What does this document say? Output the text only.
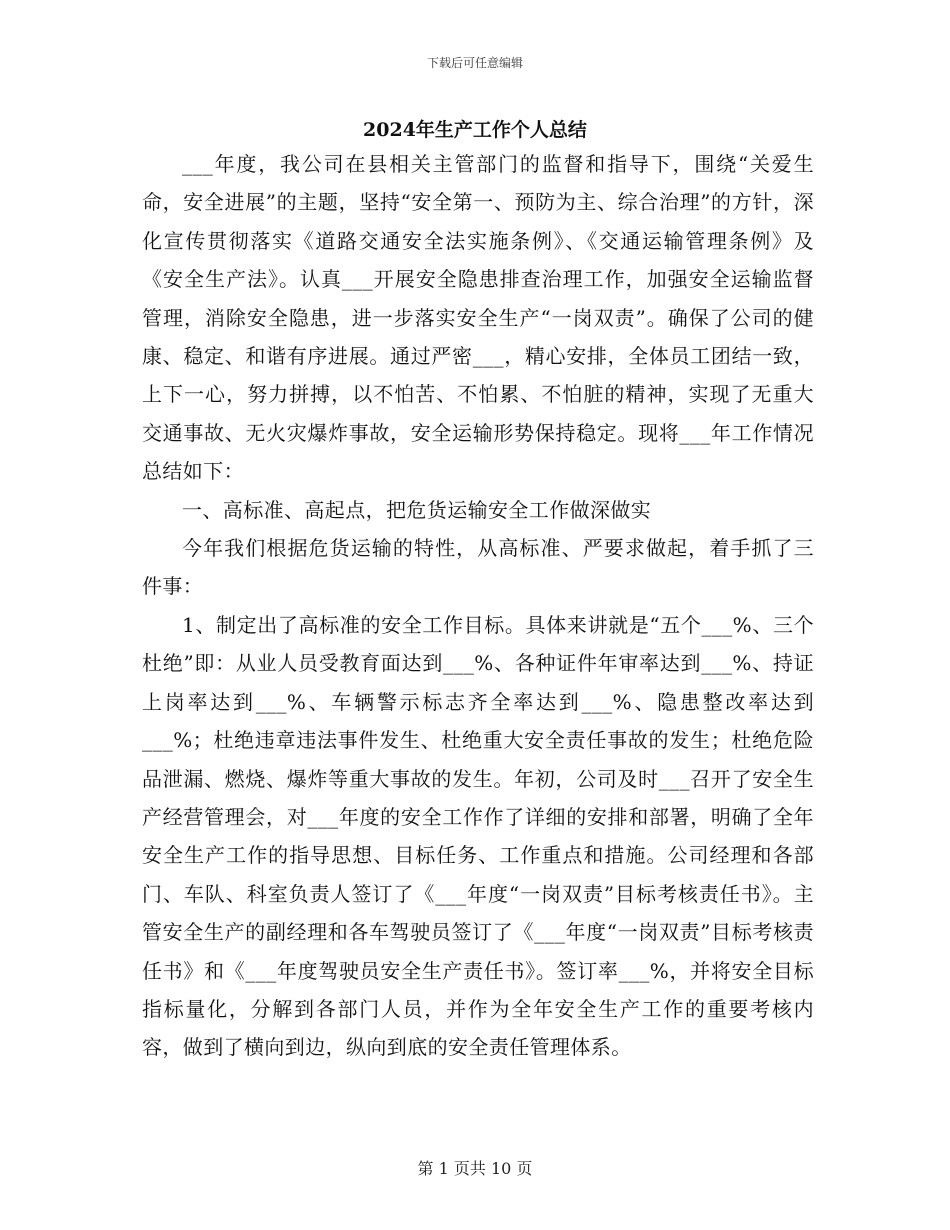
下载后可任意编辑
2024年生产工作个人总结

___年度，我公司在县相关主管部门的监督和指导下，围绕“关爱生命，安全进展”的主题，坚持“安全第一、预防为主、综合治理”的方针，深化宣传贯彻落实《道路交通安全法实施条例》、《交通运输管理条例》及《安全生产法》。认真___开展安全隐患排查治理工作，加强安全运输监督管理，消除安全隐患，进一步落实安全生产“一岗双责”。确保了公司的健康、稳定、和谐有序进展。通过严密___，精心安排，全体员工团结一致，上下一心，努力拼搏，以不怕苦、不怕累、不怕脏的精神，实现了无重大交通事故、无火灾爆炸事故，安全运输形势保持稳定。现将___年工作情况总结如下：

一、高标准、高起点，把危货运输安全工作做深做实

今年我们根据危货运输的特性，从高标准、严要求做起，着手抓了三件事：

1、制定出了高标准的安全工作目标。具体来讲就是“五个___%、三个杜绝”即：从业人员受教育面达到___%、各种证件年审率达到___%、持证上岗率达到___%、车辆警示标志齐全率达到___%、隐患整改率达到___%；杜绝违章违法事件发生、杜绝重大安全责任事故的发生；杜绝危险品泄漏、燃烧、爆炸等重大事故的发生。年初，公司及时___召开了安全生产经营管理会，对___年度的安全工作作了详细的安排和部署，明确了全年安全生产工作的指导思想、目标任务、工作重点和措施。公司经理和各部门、车队、科室负责人签订了《___年度“一岗双责”目标考核责任书》。主管安全生产的副经理和各车驾驶员签订了《___年度“一岗双责”目标考核责任书》和《___年度驾驶员安全生产责任书》。签订率___%，并将安全目标指标量化，分解到各部门人员，并作为全年安全生产工作的重要考核内容，做到了横向到边，纵向到底的安全责任管理体系。

第 1 页共 10 页
